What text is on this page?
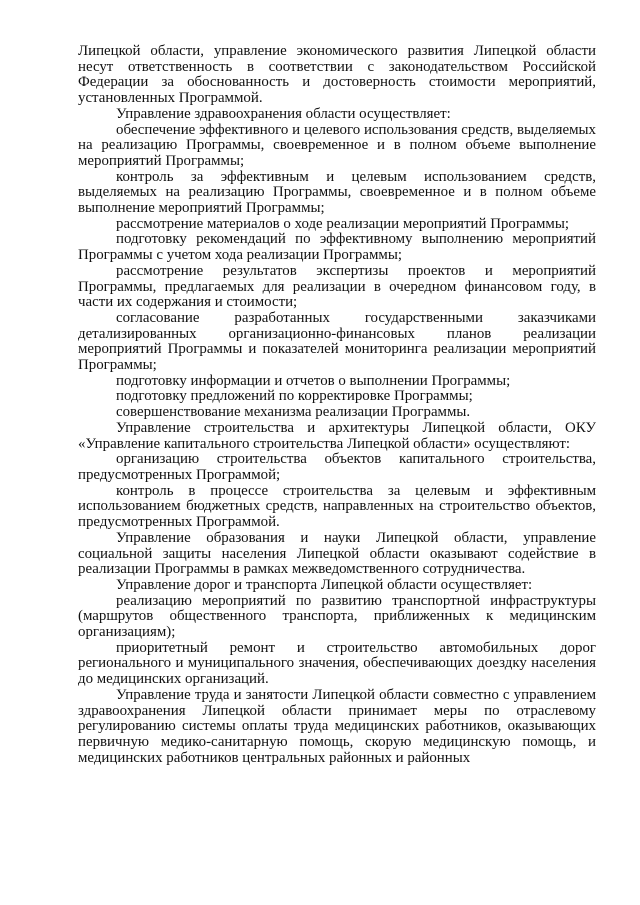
Липецкой области, управление экономического развития Липецкой области несут ответственность в соответствии с законодательством Российской Федерации за обоснованность и достоверность стоимости мероприятий, установленных Программой.

Управление здравоохранения области осуществляет:

обеспечение эффективного и целевого использования средств, выделяемых на реализацию Программы, своевременное и в полном объеме выполнение мероприятий Программы;

контроль за эффективным и целевым использованием средств, выделяемых на реализацию Программы, своевременное и в полном объеме выполнение мероприятий Программы;

рассмотрение материалов о ходе реализации мероприятий Программы;

подготовку рекомендаций по эффективному выполнению мероприятий Программы с учетом хода реализации Программы;

рассмотрение результатов экспертизы проектов и мероприятий Программы, предлагаемых для реализации в очередном финансовом году, в части их содержания и стоимости;

согласование разработанных государственными заказчиками детализированных организационно-финансовых планов реализации мероприятий Программы и показателей мониторинга реализации мероприятий Программы;

подготовку информации и отчетов о выполнении Программы;

подготовку предложений по корректировке Программы;

совершенствование механизма реализации Программы.

Управление строительства и архитектуры Липецкой области, ОКУ «Управление капитального строительства Липецкой области» осуществляют:

организацию строительства объектов капитального строительства, предусмотренных Программой;

контроль в процессе строительства за целевым и эффективным использованием бюджетных средств, направленных на строительство объектов, предусмотренных Программой.

Управление образования и науки Липецкой области, управление социальной защиты населения Липецкой области оказывают содействие в реализации Программы в рамках межведомственного сотрудничества.

Управление дорог и транспорта Липецкой области осуществляет:

реализацию мероприятий по развитию транспортной инфраструктуры (маршрутов общественного транспорта, приближенных к медицинским организациям);

приоритетный ремонт и строительство автомобильных дорог регионального и муниципального значения, обеспечивающих доездку населения до медицинских организаций.

Управление труда и занятости Липецкой области совместно с управлением здравоохранения Липецкой области принимает меры по отраслевому регулированию системы оплаты труда медицинских работников, оказывающих первичную медико-санитарную помощь, скорую медицинскую помощь, и медицинских работников центральных районных и районных
